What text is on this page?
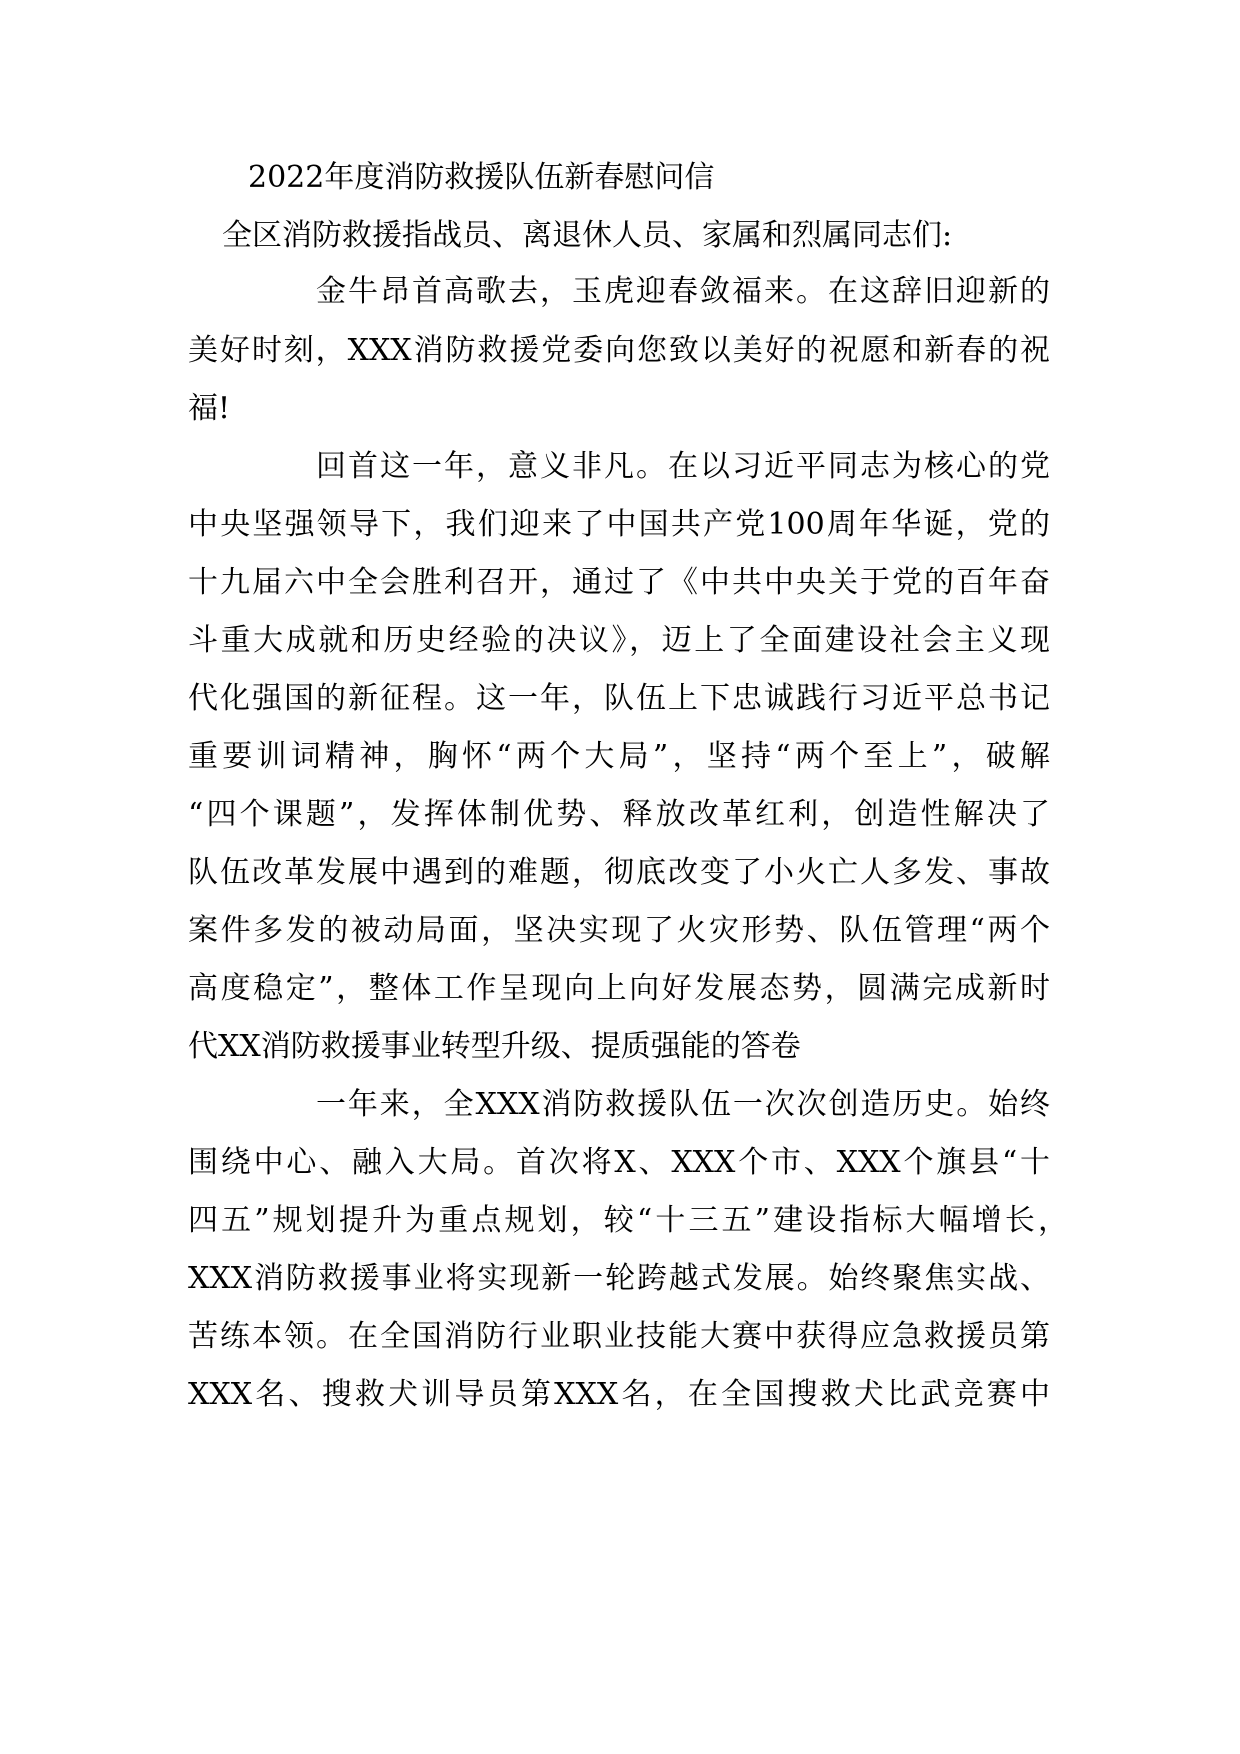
2022年度消防救援队伍新春慰问信
全区消防救援指战员、离退休人员、家属和烈属同志们:
金牛昂首高歌去，玉虎迎春敛福来。在这辞旧迎新的
美好时刻，XXX消防救援党委向您致以美好的祝愿和新春的祝
福!
回首这一年，意义非凡。在以习近平同志为核心的党
中央坚强领导下，我们迎来了中国共产党100周年华诞，党的
十九届六中全会胜利召开，通过了《中共中央关于党的百年奋
斗重大成就和历史经验的决议》，迈上了全面建设社会主义现
代化强国的新征程。这一年，队伍上下忠诚践行习近平总书记
重要训词精神，胸怀“两个大局”，坚持“两个至上”，破解
“四个课题”，发挥体制优势、释放改革红利，创造性解决了
队伍改革发展中遇到的难题，彻底改变了小火亡人多发、事故
案件多发的被动局面，坚决实现了火灾形势、队伍管理“两个
高度稳定”，整体工作呈现向上向好发展态势，圆满完成新时
代XX消防救援事业转型升级、提质强能的答卷
一年来，全XXX消防救援队伍一次次创造历史。始终
围绕中心、融入大局。首次将X、XXX个市、XXX个旗县“十
四五”规划提升为重点规划，较“十三五”建设指标大幅增长，
XXX消防救援事业将实现新一轮跨越式发展。始终聚焦实战、
苦练本领。在全国消防行业职业技能大赛中获得应急救援员第
XXX名、搜救犬训导员第XXX名，在全国搜救犬比武竞赛中
